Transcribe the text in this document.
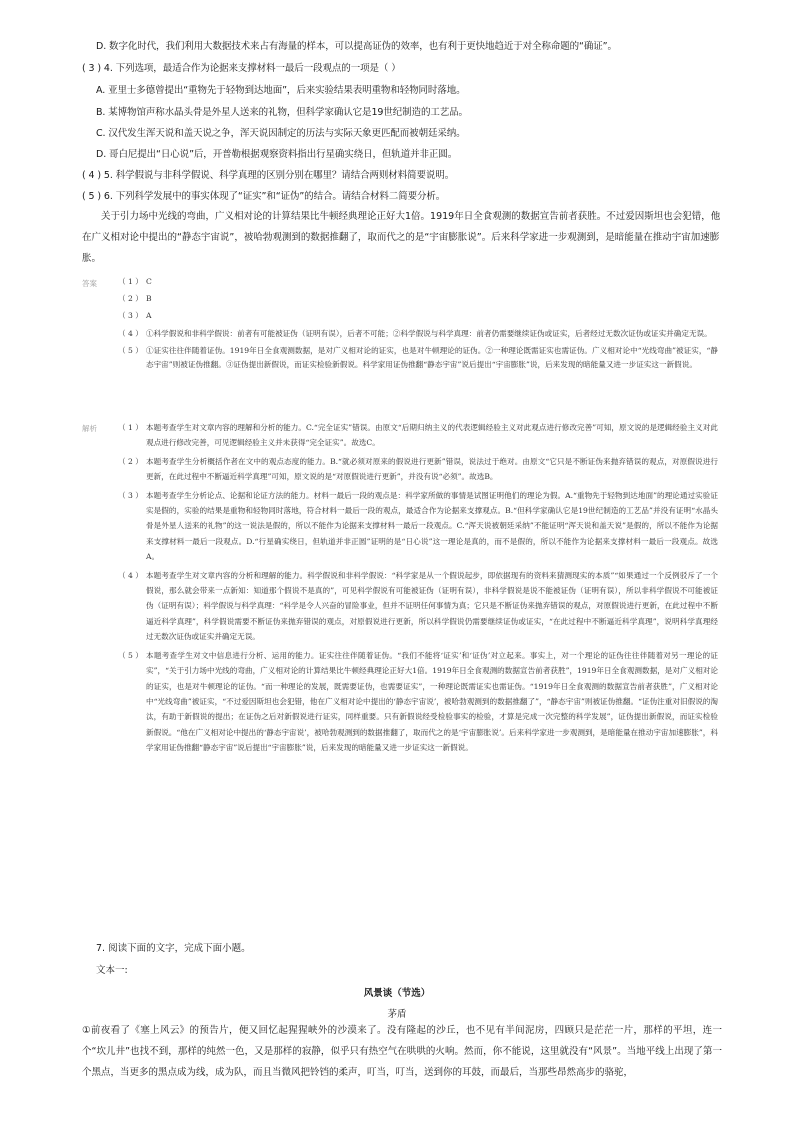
D. 数字化时代，我们利用大数据技术来占有海量的样本，可以提高证伪的效率，也有利于更快地趋近于对全称命题的“确证”。
( 3 ) 4. 下列选项，最适合作为论据来支撑材料一最后一段观点的一项是（ ）
A. 亚里士多德曾提出“重物先于轻物到达地面”，后来实验结果表明重物和轻物同时落地。
B. 某博物馆声称水晶头骨是外星人送来的礼物，但科学家确认它是19世纪制造的工艺品。
C. 汉代发生浑天说和盖天说之争，浑天说因制定的历法与实际天象更匹配而被朝廷采纳。
D. 哥白尼提出“日心说”后，开普勒根据观察资料指出行星确实绕日，但轨道并非正圆。
( 4 ) 5. 科学假说与非科学假说、科学真理的区别分别在哪里？请结合两则材料简要说明。
( 5 ) 6. 下列科学发展中的事实体现了“证实”和“证伪”的结合。请结合材料二简要分析。

关于引力场中光线的弯曲，广义相对论的计算结果比牛顿经典理论正好大1倍。1919年日全食观测的数据宣告前者获胜。不过爱因斯坦也会犯错，他在广义相对论中提出的“静态宇宙说”，被哈勃观测到的数据推翻了，取而代之的是“宇宙膨胀说”。后来科学家进一步观测到，是暗能量在推动宇宙加速膨胀。

答案	（ 1 ） C
（ 2 ） B
（ 3 ） A
（ 4 ） ①科学假说和非科学假说：前者有可能被证伪（证明有误），后者不可能；②科学假说与科学真理：前者仍需要继续证伪或证实，后者经过无数次证伪或证实并确定无误。
（ 5 ） ①证实往往伴随着证伪。1919年日全食观测数据，是对广义相对论的证实，也是对牛顿理论的证伪。②一种理论既需证实也需证伪。广义相对论中“光线弯曲”被证实，“静态宇宙”则被证伪推翻。③证伪提出新假说，而证实检验新假说。科学家用证伪推翻“静态宇宙”说后提出“宇宙膨胀”说，后来发现的暗能量又进一步证实这一新假说。
解析	（ 1 ） 本题考查学生对文章内容的理解和分析的能力。C.“完全证实”错误。由原文“后期归纳主义的代表逻辑经验主义对此观点进行修改完善”可知，原文说的是逻辑经验主义对此观点进行修改完善，可见逻辑经验主义并未获得“完全证实”。故选C。
（ 2 ） 本题考查学生分析概括作者在文中的观点态度的能力。B.“就必须对原来的假说进行更新”错误，说法过于绝对。由原文“它只是不断证伪来抛弃错误的观点，对原假说进行更新，在此过程中不断逼近科学真理”可知，原文说的是“对原假说进行更新”，并没有说“必须”。故选B。
（ 3 ） 本题考查学生分析论点、论据和论证方法的能力。材料一最后一段的观点是：科学家所做的事情是试图证明他们的理论为假。A.“重物先于轻物到达地面”的理论通过实验证实是假的，实验的结果是重物和轻物同时落地，符合材料一最后一段的观点，最适合作为论据来支撑观点。B.“但科学家确认它是19世纪制造的工艺品”并没有证明“水晶头骨是外星人送来的礼物”的这一说法是假的，所以不能作为论据来支撑材料一最后一段观点。C.“浑天说被朝廷采纳”不能证明“浑天说和盖天说”是假的，所以不能作为论据来支撑材料一最后一段观点。D.“行星确实绕日，但轨道并非正圆”证明的是“日心说”这一理论是真的，而不是假的，所以不能作为论据来支撑材料一最后一段观点。故选A。
（ 4 ） 本题考查学生对文章内容的分析和理解的能力。科学假说和非科学假说：“科学家是从一个假说起步，即依据现有的资料来猜测现实的本质”“如果通过一个反例驳斥了一个假说，那么就会带来一点新知：知道那个假说不是真的”，可见科学假说有可能被证伪（证明有误），非科学假说是说不能被证伪（证明有误），所以非科学假说不可能被证伪（证明有误）；科学假说与科学真理：“科学是令人兴奋的冒险事业，但并不证明任何事情为真；它只是不断证伪来抛弃错误的观点，对原假说进行更新，在此过程中不断逼近科学真理”，科学假说需要不断证伪来抛弃错误的观点，对原假说进行更新，所以科学假说仍需要继续证伪或证实，“在此过程中不断逼近科学真理”，说明科学真理经过无数次证伪或证实并确定无误。
（ 5 ） 本题考查学生对文中信息进行分析、运用的能力。证实往往伴随着证伪。“我们不能将‘证实’和‘证伪’对立起来。事实上，对一个理论的证伪往往伴随着对另一理论的证实”，“关于引力场中光线的弯曲，广义相对论的计算结果比牛顿经典理论正好大1倍。1919年日全食观测的数据宣告前者获胜”，1919年日全食观测数据，是对广义相对论的证实，也是对牛顿理论的证伪。“而一种理论的发展，既需要证伪，也需要证实”，一种理论既需证实也需证伪。“1919年日全食观测的数据宣告前者获胜”，广义相对论中“光线弯曲”被证实，“不过爱因斯坦也会犯错，他在广义相对论中提出的‘静态宇宙说’，被哈勃观测到的数据推翻了”，“静态宇宙”则被证伪推翻。“证伪注重对旧假说的淘汰，有助于新假说的提出；在证伪之后对新假说进行证实，同样重要。只有新假说经受检验事实的检验，才算是完成一次完整的科学发展”，证伪提出新假说，而证实检验新假说。“他在广义相对论中提出的‘静态宇宙说’，被哈勃观测到的数据推翻了，取而代之的是‘宇宙膨胀说’。后来科学家进一步观测到，是暗能量在推动宇宙加速膨胀”，科学家用证伪推翻“静态宇宙”说后提出“宇宙膨胀”说，后来发现的暗能量又进一步证实这一新假说。
7. 阅读下面的文字，完成下面小题。
文本一:
风景谈（节选）
茅盾

①前夜看了《塞上风云》的预告片，便又回忆起猩猩峡外的沙漠来了。没有隆起的沙丘，也不见有半间泥房，四顾只是茫茫一片，那样的平坦，连一个“坎儿井”也找不到，那样的纯然一色，又是那样的寂静，似乎只有热空气在哄哄的火响。然而，你不能说，这里就没有“风景”。当地平线上出现了第一个黑点，当更多的黑点成为线，成为队，而且当微风把铃铛的柔声，叮当，叮当，送到你的耳鼓，而最后，当那些昂然高步的骆驼，
